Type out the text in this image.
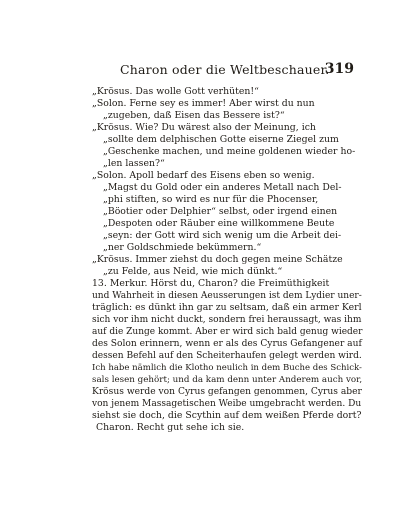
Charon oder die Weltbeschauer.
319
„Krösus. Das wolle Gott verhüten!“
„Solon. Ferne sey es immer! Aber wirst du nun
„zugeben, daß Eisen das Bessere ist?“
„Krösus. Wie? Du wärest also der Meinung, ich
„sollte dem delphischen Gotte eiserne Ziegel zum
„Geschenke machen, und meine goldenen wieder ho-
„len lassen?“
„Solon. Apoll bedarf des Eisens eben so wenig.
„Magst du Gold oder ein anderes Metall nach Del-
„phi stiften, so wird es nur für die Phocenser,
„Böotier oder Delphier“ selbst, oder irgend einen
„Despoten oder Räuber eine willkommene Beute
„seyn: der Gott wird sich wenig um die Arbeit dei-
„ner Goldschmiede bekümmern.“
„Krösus. Immer ziehst du doch gegen meine Schätze
„zu Felde, aus Neid, wie mich dünkt.“
13. Merkur. Hörst du, Charon? die Freimüthigkeit
und Wahrheit in diesen Aeusserungen ist dem Lydier uner-
träglich: es dünkt ihn gar zu seltsam, daß ein armer Kerl
sich vor ihm nicht duckt, sondern frei heraussagt, was ihm
auf die Zunge kommt. Aber er wird sich bald genug wieder
des Solon erinnern, wenn er als des Cyrus Gefangener auf
dessen Befehl auf den Scheiterhaufen gelegt werden wird.
Ich habe nämlich die Klotho neulich in dem Buche des Schick-
sals lesen gehört; und da kam denn unter Anderem auch vor,
Krösus werde von Cyrus gefangen genommen, Cyrus aber
von jenem Massagetischen Weibe umgebracht werden. Du
siehst sie doch, die Scythin auf dem weißen Pferde dort?
Charon. Recht gut sehe ich sie.
